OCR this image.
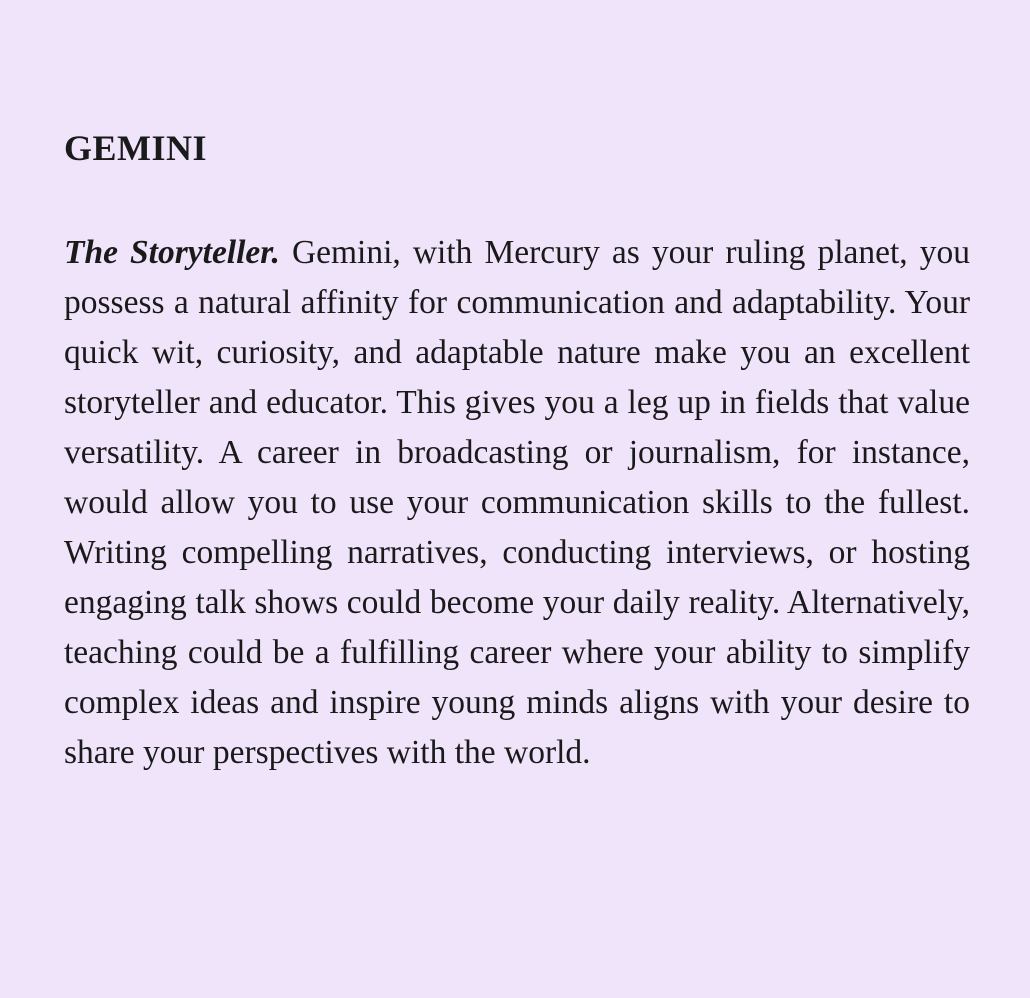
GEMINI

The Storyteller. Gemini, with Mercury as your ruling planet, you possess a natural affinity for communication and adaptability. Your quick wit, curiosity, and adaptable nature make you an excellent storyteller and educator. This gives you a leg up in fields that value versatility. A career in broadcasting or journalism, for instance, would allow you to use your communication skills to the fullest. Writing compelling narratives, conducting interviews, or hosting engaging talk shows could become your daily reality. Alternatively, teaching could be a fulfilling career where your ability to simplify complex ideas and inspire young minds aligns with your desire to share your perspectives with the world.
